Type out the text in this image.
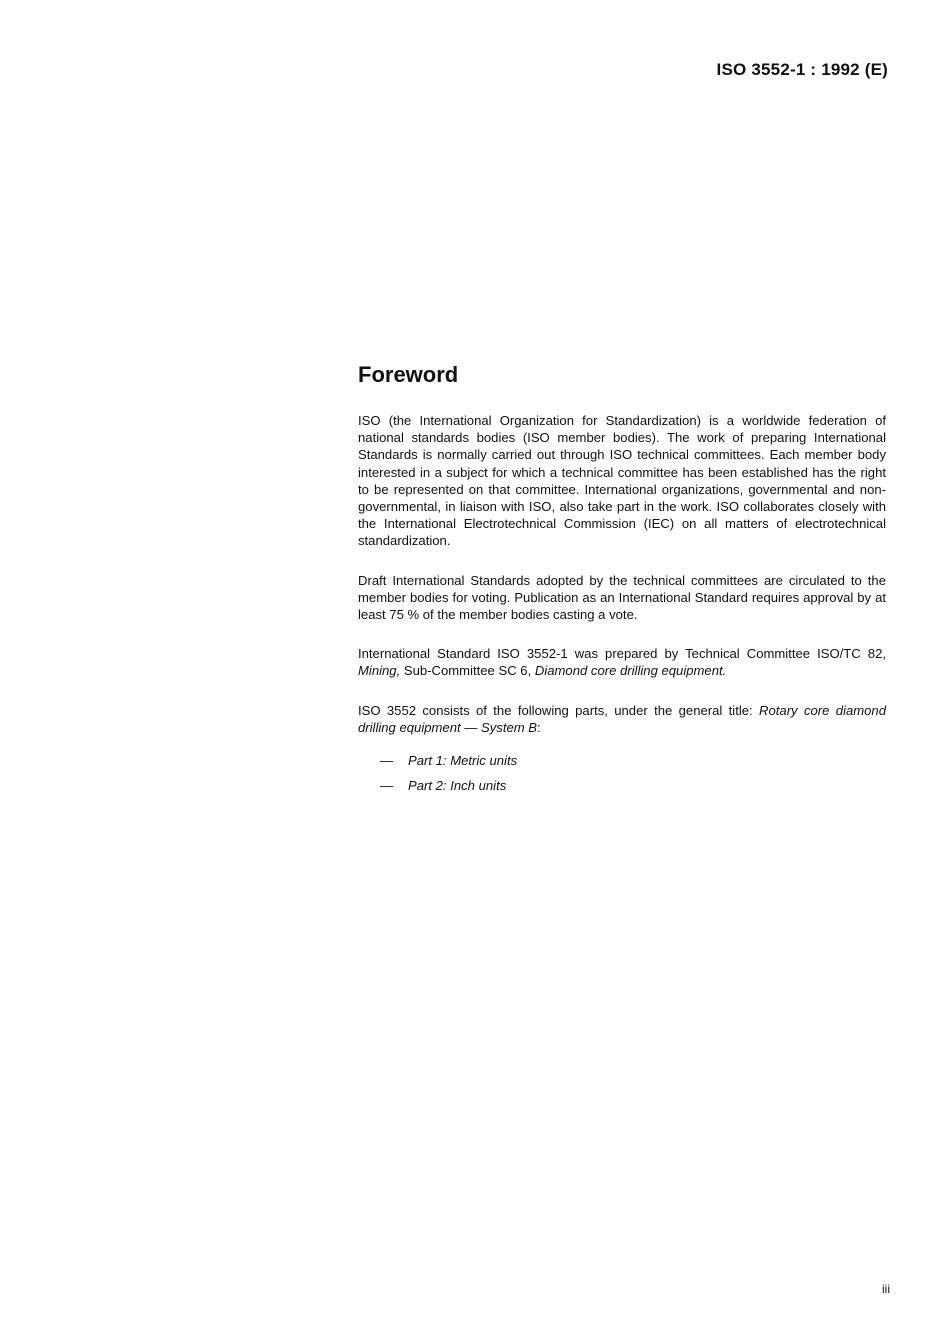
ISO 3552-1 : 1992 (E)
Foreword

ISO (the International Organization for Standardization) is a worldwide federation of national standards bodies (ISO member bodies). The work of preparing International Standards is normally carried out through ISO technical committees. Each member body interested in a subject for which a technical committee has been established has the right to be represented on that committee. International organizations, governmental and non-governmental, in liaison with ISO, also take part in the work. ISO collaborates closely with the International Electrotechnical Commission (IEC) on all matters of electrotechnical standardization.

Draft International Standards adopted by the technical committees are circulated to the member bodies for voting. Publication as an International Standard requires approval by at least 75 % of the member bodies casting a vote.

International Standard ISO 3552-1 was prepared by Technical Committee ISO/TC 82, Mining, Sub-Committee SC 6, Diamond core drilling equipment.

ISO 3552 consists of the following parts, under the general title: Rotary core diamond drilling equipment — System B:

— Part 1: Metric units
— Part 2: Inch units
iii
